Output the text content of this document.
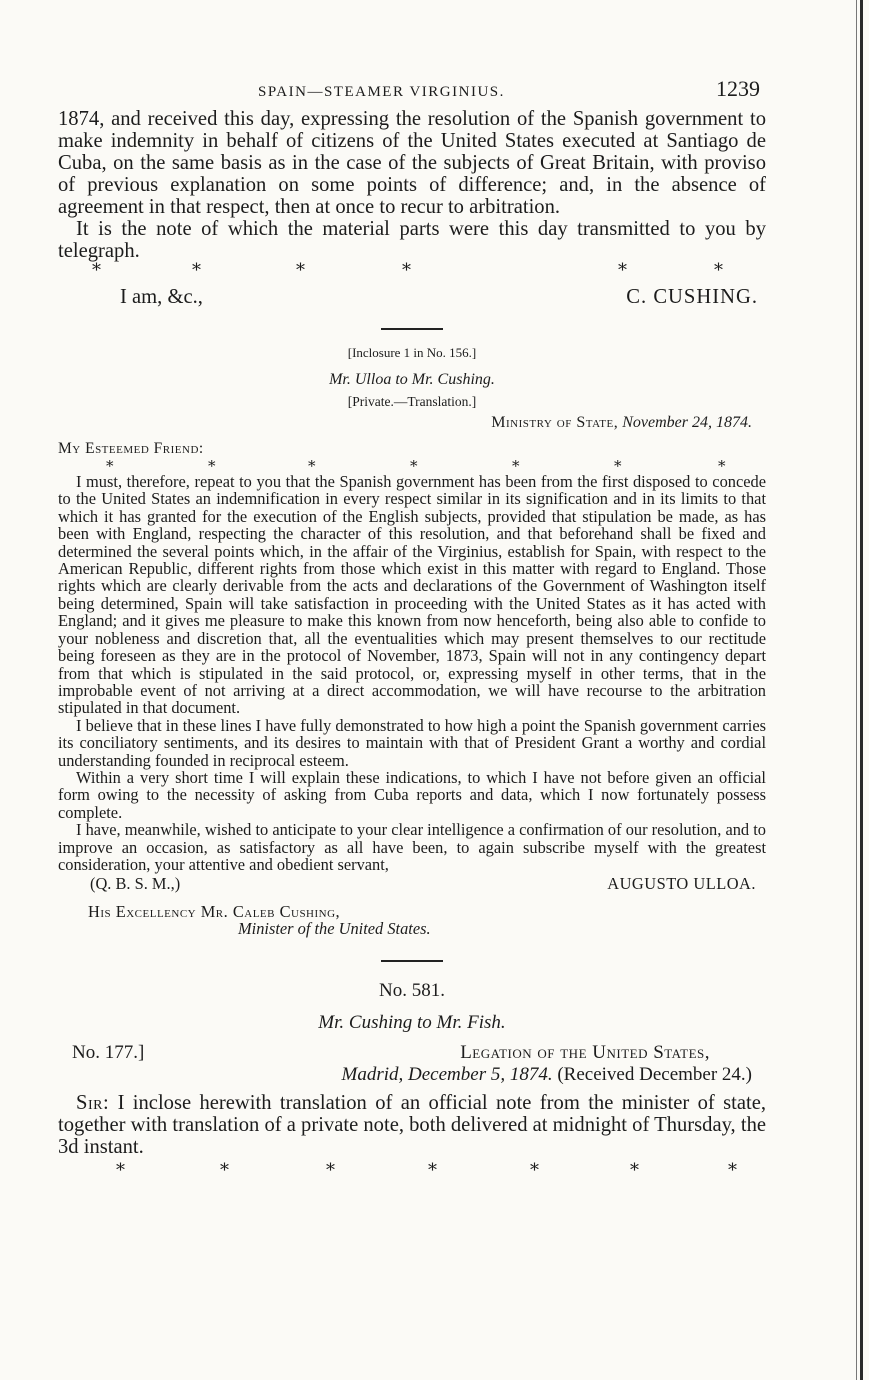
SPAIN—STEAMER VIRGINIUS.	1239

1874, and received this day, expressing the resolution of the Spanish government to make indemnity in behalf of citizens of the United States executed at Santiago de Cuba, on the same basis as in the case of the subjects of Great Britain, with proviso of previous explanation on some points of difference; and, in the absence of agreement in that respect, then at once to recur to arbitration.

It is the note of which the material parts were this day transmitted to you by telegraph.

*	*	*	*	*	*
I am, &c.,	C. CUSHING.
[Inclosure 1 in No. 156.]
Mr. Ulloa to Mr. Cushing.
[Private.—Translation.]
Ministry of State, November 24, 1874.
My Esteemed Friend:
*	*	*	*	*	*	*

I must, therefore, repeat to you that the Spanish government has been from the first disposed to concede to the United States an indemnification in every respect similar in its signification and in its limits to that which it has granted for the execution of the English subjects, provided that stipulation be made, as has been with England, respecting the character of this resolution, and that beforehand shall be fixed and determined the several points which, in the affair of the Virginius, establish for Spain, with respect to the American Republic, different rights from those which exist in this matter with regard to England. Those rights which are clearly derivable from the acts and declarations of the Government of Washington itself being determined, Spain will take satisfaction in proceeding with the United States as it has acted with England; and it gives me pleasure to make this known from now henceforth, being also able to confide to your nobleness and discretion that, all the eventualities which may present themselves to our rectitude being foreseen as they are in the protocol of November, 1873, Spain will not in any contingency depart from that which is stipulated in the said protocol, or, expressing myself in other terms, that in the improbable event of not arriving at a direct accommodation, we will have recourse to the arbitration stipulated in that document.

I believe that in these lines I have fully demonstrated to how high a point the Spanish government carries its conciliatory sentiments, and its desires to maintain with that of President Grant a worthy and cordial understanding founded in reciprocal esteem.

Within a very short time I will explain these indications, to which I have not before given an official form owing to the necessity of asking from Cuba reports and data, which I now fortunately possess complete.

I have, meanwhile, wished to anticipate to your clear intelligence a confirmation of our resolution, and to improve an occasion, as satisfactory as all have been, to again subscribe myself with the greatest consideration, your attentive and obedient servant,

(Q. B. S. M.,)	AUGUSTO ULLOA.
His Excellency Mr. Caleb Cushing,
Minister of the United States.
No. 581.
Mr. Cushing to Mr. Fish.
No. 177.]	Legation of the United States,
Madrid, December 5, 1874. (Received December 24.)

Sir: I inclose herewith translation of an official note from the minister of state, together with translation of a private note, both delivered at midnight of Thursday, the 3d instant.

*	*	*	*	*	*	*
